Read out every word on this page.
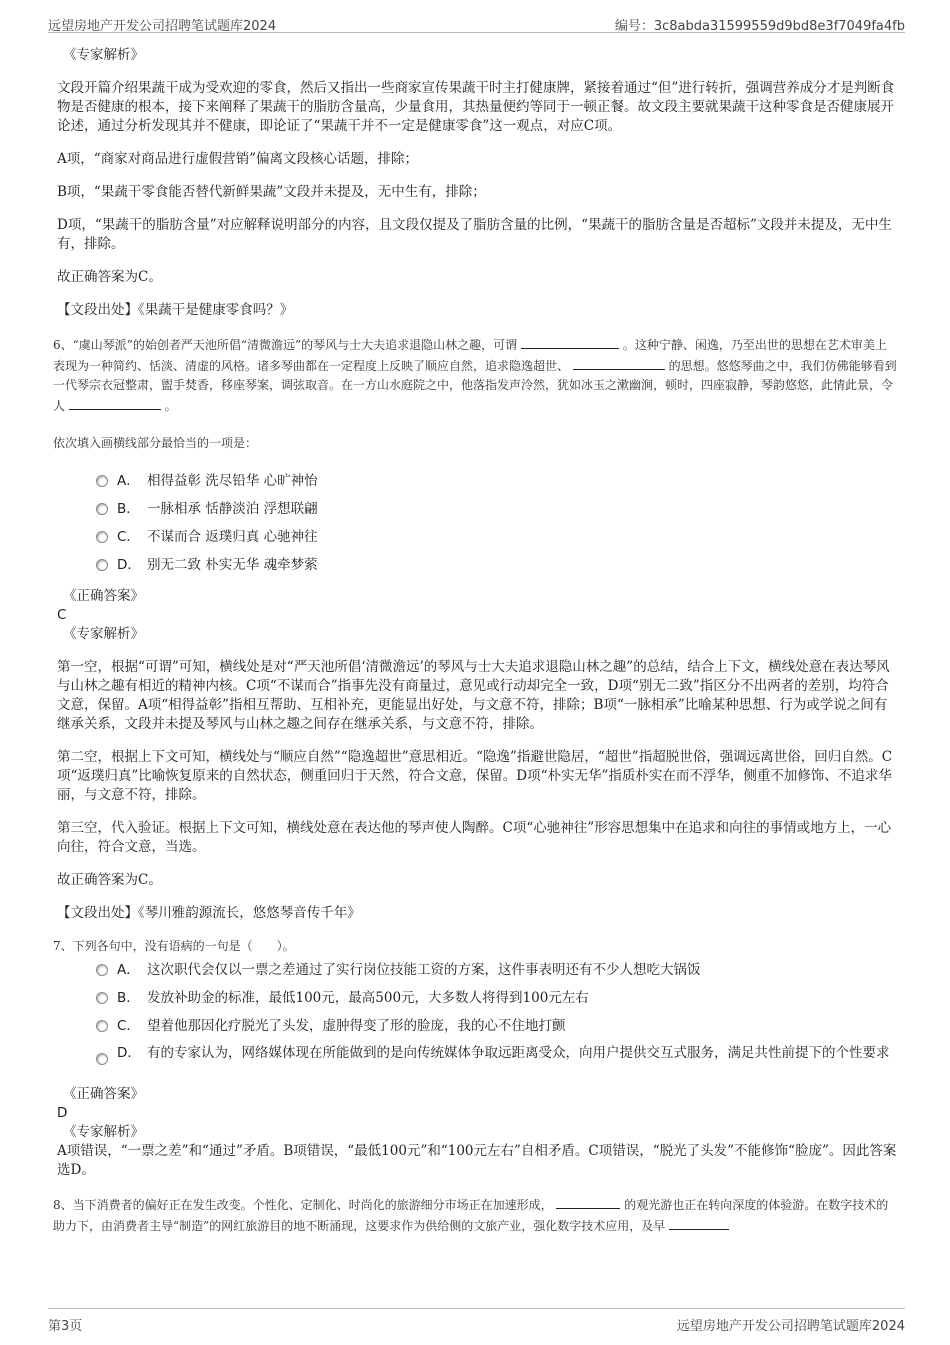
远望房地产开发公司招聘笔试题库2024	编号：3c8abda31599559d9bd8e3f7049fa4fb

《专家解析》

文段开篇介绍果蔬干成为受欢迎的零食，然后又指出一些商家宣传果蔬干时主打健康牌，紧接着通过“但”进行转折，强调营养成分才是判断食物是否健康的根本，接下来阐释了果蔬干的脂肪含量高，少量食用，其热量便约等同于一顿正餐。故文段主要就果蔬干这种零食是否健康展开论述，通过分析发现其并不健康，即论证了“果蔬干并不一定是健康零食”这一观点，对应C项。

A项，“商家对商品进行虚假营销”偏离文段核心话题，排除；

B项，“果蔬干零食能否替代新鲜果蔬”文段并未提及，无中生有，排除；

D项，“果蔬干的脂肪含量”对应解释说明部分的内容，且文段仅提及了脂肪含量的比例，“果蔬干的脂肪含量是否超标”文段并未提及，无中生有，排除。

故正确答案为C。

【文段出处】《果蔬干是健康零食吗？》

6、“虞山琴派”的始创者严天池所倡“清微澹远”的琴风与士大夫追求退隐山林之趣，可谓	。这种宁静、闲逸，乃至出世的思想在艺术审美上表现为一种简约、恬淡、清虚的风格。诸多琴曲都在一定程度上反映了顺应自然，追求隐逸超世、	的思想。悠悠琴曲之中，我们仿佛能够看到一代琴宗衣冠整肃，盥手焚香，移座琴案，调弦取音。在一方山水庭院之中，他落指发声泠然，犹如冰玉之漱幽涧，顿时，四座寂静，琴韵悠悠，此情此景，令人	。

依次填入画横线部分最恰当的一项是：

A． 相得益彰 洗尽铅华 心旷神怡
B． 一脉相承 恬静淡泊 浮想联翩
C． 不谋而合 返璞归真 心驰神往
D． 别无二致 朴实无华 魂牵梦萦

《正确答案》

C

《专家解析》

第一空，根据“可谓”可知，横线处是对“严天池所倡‘清微澹远’的琴风与士大夫追求退隐山林之趣”的总结，结合上下文，横线处意在表达琴风与山林之趣有相近的精神内核。C项“不谋而合”指事先没有商量过，意见或行动却完全一致，D项“别无二致”指区分不出两者的差别，均符合文意，保留。A项“相得益彰”指相互帮助、互相补充，更能显出好处，与文意不符，排除；B项“一脉相承”比喻某种思想、行为或学说之间有继承关系，文段并未提及琴风与山林之趣之间存在继承关系，与文意不符，排除。

第二空，根据上下文可知，横线处与“顺应自然”“隐逸超世”意思相近。“隐逸”指避世隐居，“超世”指超脱世俗，强调远离世俗，回归自然。C项“返璞归真”比喻恢复原来的自然状态，侧重回归于天然，符合文意，保留。D项“朴实无华”指质朴实在而不浮华，侧重不加修饰、不追求华丽，与文意不符，排除。

第三空，代入验证。根据上下文可知，横线处意在表达他的琴声使人陶醉。C项“心驰神往”形容思想集中在追求和向往的事情或地方上，一心向往，符合文意，当选。

故正确答案为C。

【文段出处】《琴川雅韵源流长，悠悠琴音传千年》

7、下列各句中，没有语病的一句是（　　）。

A． 这次职代会仅以一票之差通过了实行岗位技能工资的方案，这件事表明还有不少人想吃大锅饭
B． 发放补助金的标准，最低100元，最高500元，大多数人将得到100元左右
C． 望着他那因化疗脱光了头发，虚肿得变了形的脸庞，我的心不住地打颤
D． 有的专家认为，网络媒体现在所能做到的是向传统媒体争取远距离受众，向用户提供交互式服务，满足共性前提下的个性要求

《正确答案》

D

《专家解析》

A项错误，“一票之差”和“通过”矛盾。B项错误，“最低100元”和“100元左右”自相矛盾。C项错误，“脱光了头发”不能修饰“脸庞”。因此答案选D。

8、当下消费者的偏好正在发生改变。个性化、定制化、时尚化的旅游细分市场正在加速形成，	的观光游也正在转向深度的体验游。在数字技术的助力下，由消费者主导“制造”的网红旅游目的地不断涌现，这要求作为供给侧的文旅产业，强化数字技术应用，及早

第3页	远望房地产开发公司招聘笔试题库2024
